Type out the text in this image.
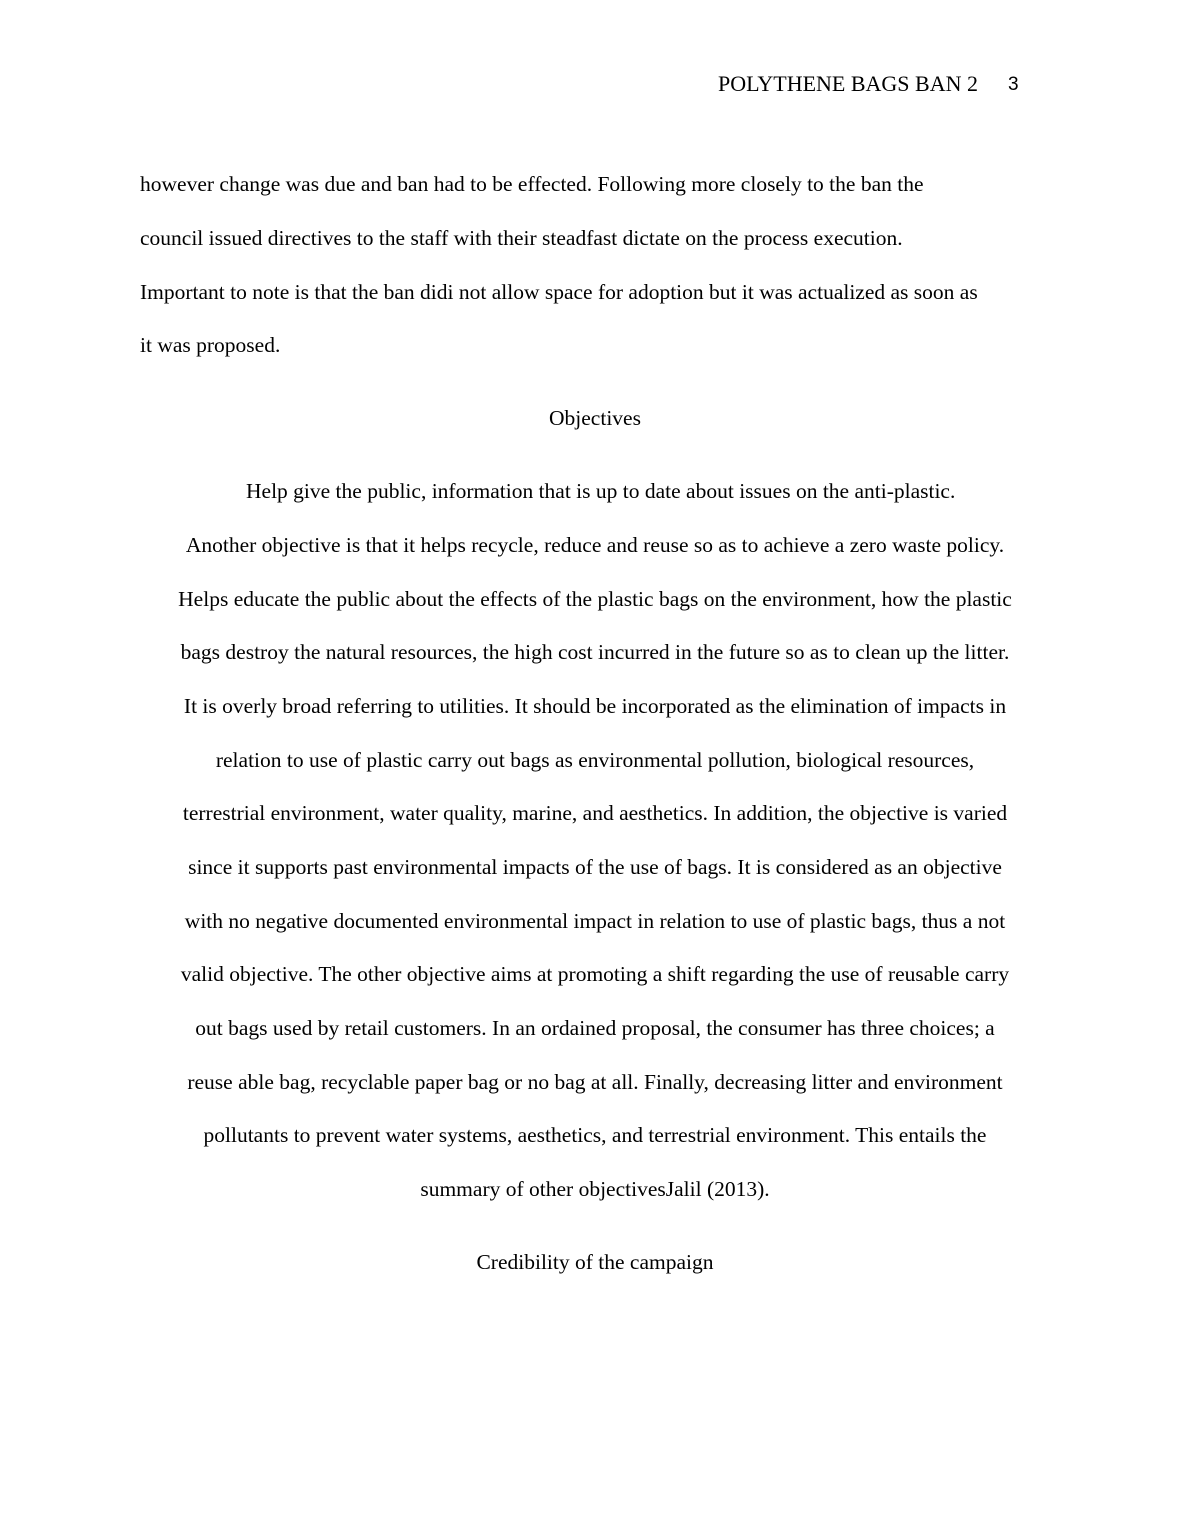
POLYTHENE BAGS BAN 2 3
however change was due and ban had to be effected. Following more closely to the ban the
council issued directives to the staff with their steadfast dictate on the process execution.
Important to note is that the ban didi not allow space for adoption but it was actualized as soon as
it was proposed.
Objectives
Help give the public, information that is up to date about issues on the anti-plastic.
Another objective is that it helps recycle, reduce and reuse so as to achieve a zero waste policy.
Helps educate the public about the effects of the plastic bags on the environment, how the plastic
bags destroy the natural resources, the high cost incurred in the future so as to clean up the litter.
It is overly broad referring to utilities. It should be incorporated as the elimination of impacts in
relation to use of plastic carry out bags as environmental pollution, biological resources,
terrestrial environment, water quality, marine, and aesthetics. In addition, the objective is varied
since it supports past environmental impacts of the use of bags. It is considered as an objective
with no negative documented environmental impact in relation to use of plastic bags, thus a not
valid objective. The other objective aims at promoting a shift regarding the use of reusable carry
out bags used by retail customers. In an ordained proposal, the consumer has three choices; a
reuse able bag, recyclable paper bag or no bag at all. Finally, decreasing litter and environment
pollutants to prevent water systems, aesthetics, and terrestrial environment. This entails the
summary of other objectivesJalil (2013).
Credibility of the campaign
